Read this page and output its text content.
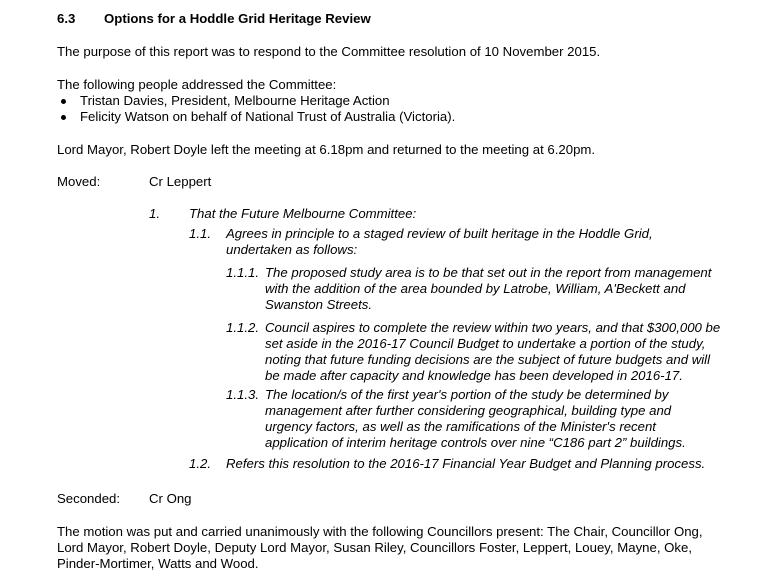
6.3 Options for a Hoddle Grid Heritage Review
The purpose of this report was to respond to the Committee resolution of 10 November 2015.
The following people addressed the Committee:
Tristan Davies, President, Melbourne Heritage Action
Felicity Watson on behalf of National Trust of Australia (Victoria).
Lord Mayor, Robert Doyle left the meeting at 6.18pm and returned to the meeting at 6.20pm.
Moved:	Cr Leppert
1. That the Future Melbourne Committee:
1.1. Agrees in principle to a staged review of built heritage in the Hoddle Grid,
undertaken as follows:
1.1.1. The proposed study area is to be that set out in the report from management
with the addition of the area bounded by Latrobe, William, A'Beckett and
Swanston Streets.
1.1.2. Council aspires to complete the review within two years, and that $300,000 be
set aside in the 2016-17 Council Budget to undertake a portion of the study,
noting that future funding decisions are the subject of future budgets and will
be made after capacity and knowledge has been developed in 2016-17.
1.1.3. The location/s of the first year's portion of the study be determined by
management after further considering geographical, building type and
urgency factors, as well as the ramifications of the Minister's recent
application of interim heritage controls over nine “C186 part 2” buildings.
1.2. Refers this resolution to the 2016-17 Financial Year Budget and Planning process.
Seconded: Cr Ong
The motion was put and carried unanimously with the following Councillors present: The Chair, Councillor Ong,
Lord Mayor, Robert Doyle, Deputy Lord Mayor, Susan Riley, Councillors Foster, Leppert, Louey, Mayne, Oke,
Pinder-Mortimer, Watts and Wood.
